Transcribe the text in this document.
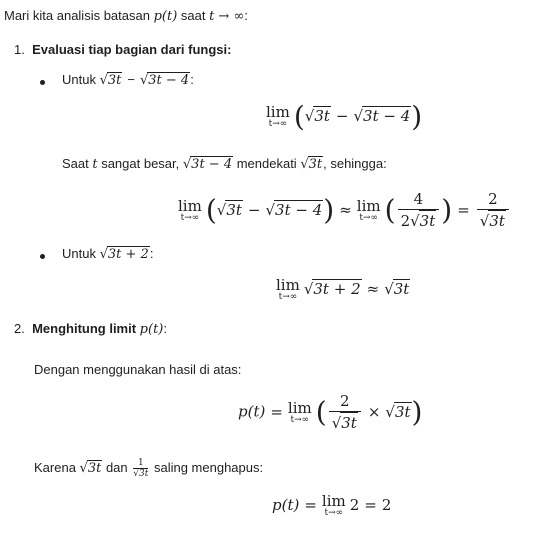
Mari kita analisis batasan p(t) saat t → ∞:
1. Evaluasi tiap bagian dari fungsi:
Untuk √3t − √3t − 4:
lim
t→∞ (√3t − √3t − 4)
Saat t sangat besar, √3t − 4 mendekati √3t, sehingga:
lim
t→∞ (√3t − √3t − 4) ≈ lim
t→∞ ( $\frac{4}{2√3t}$ ) = $\frac{2}{√3t}$
Untuk √3t + 2:
lim
t→∞ √3t + 2 ≈ √3t
2. Menghitung limit p(t):
Dengan menggunakan hasil di atas:
p(t) = lim
t→∞ ( $\frac{2}{√3t} \times √3t$)
Karena √3t dan $\frac{1}{√3t}$ saling menghapus:
p(t) = lim
t→∞ 2 = 2
